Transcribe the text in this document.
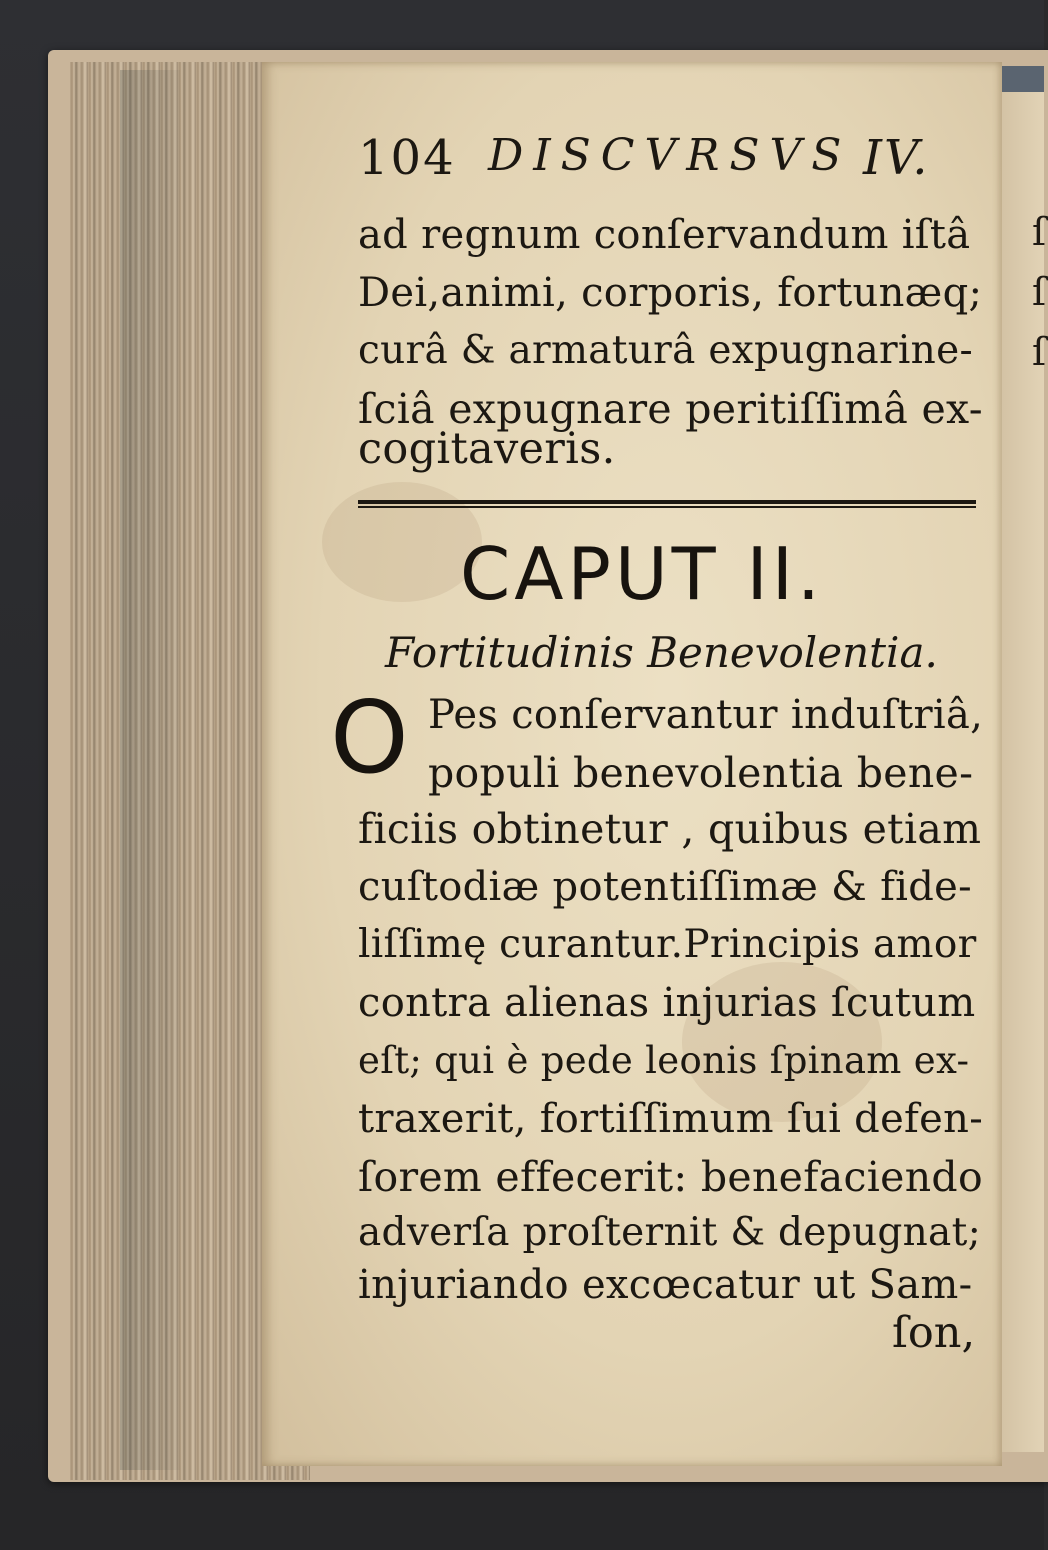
ſ
ſ
ſ
104 DISCVRSVS IV.
ad regnum conſervandum iſtâ
Dei,animi, corporis, fortunæq;
curâ & armaturâ expugnarine-
ſciâ expugnare peritiſſimâ ex-
cogitaveris.
CAPUT II.
Fortitudinis Benevolentia.
O Pes conſervantur induſtriâ,
populi benevolentia bene-
ficiis obtinetur , quibus etiam
cuſtodiæ potentiſſimæ & fide-
liſſimę curantur.Principis amor
contra alienas injurias ſcutum
eſt; qui è pede leonis ſpinam ex-
traxerit, fortiſſimum ſui defen-
ſorem effecerit: benefaciendo
adverſa proſternit & depugnat;
injuriando excœcatur ut Sam-
ſon,
